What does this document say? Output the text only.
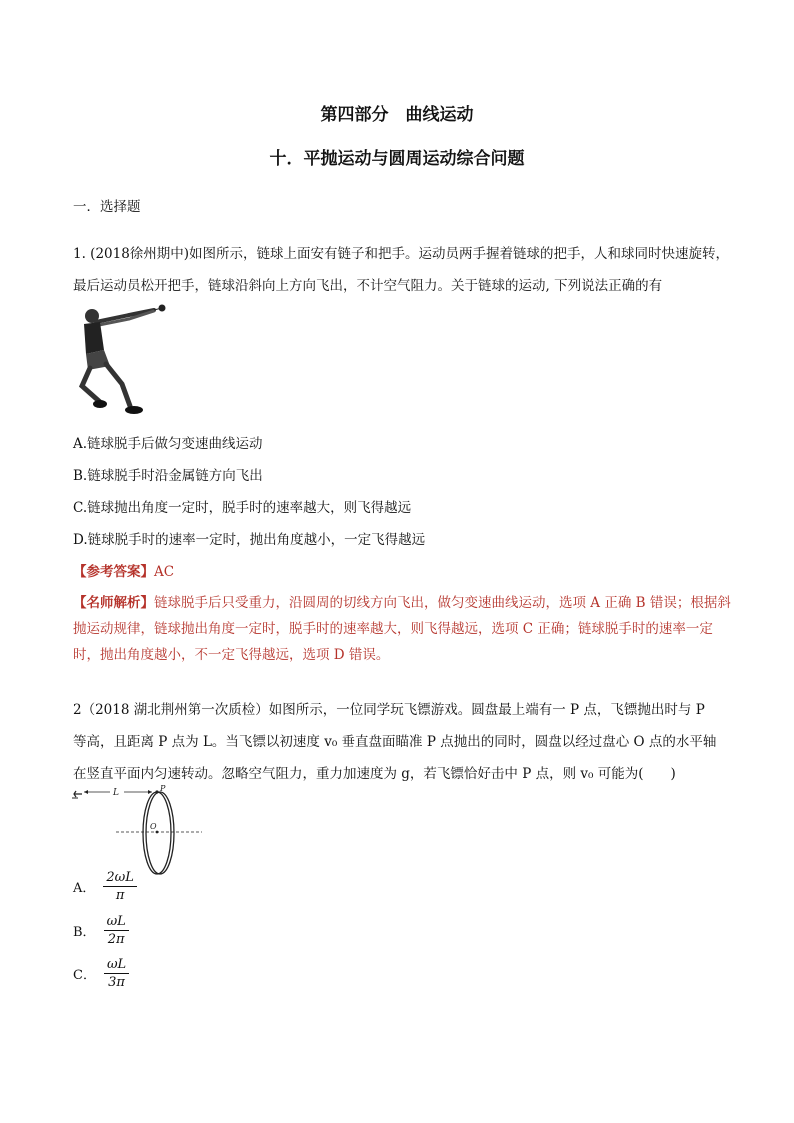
第四部分　曲线运动
十．平抛运动与圆周运动综合问题
一．选择题
1. (2018徐州期中)如图所示，链球上面安有链子和把手。运动员两手握着链球的把手，人和球同时快速旋转，
最后运动员松开把手，链球沿斜向上方向飞出，不计空气阻力。关于链球的运动, 下列说法正确的有
A.链球脱手后做匀变速曲线运动
B.链球脱手时沿金属链方向飞出
C.链球抛出角度一定时，脱手时的速率越大，则飞得越远
D.链球脱手时的速率一定时，抛出角度越小，一定飞得越远
【参考答案】AC
【名师解析】链球脱手后只受重力，沿圆周的切线方向飞出，做匀变速曲线运动，选项 A 正确 B 错误；根据斜抛运动规律，链球抛出角度一定时，脱手时的速率越大，则飞得越远，选项 C 正确；链球脱手时的速率一定时，抛出角度越小，不一定飞得越远，选项 D 错误。
2（2018 湖北荆州第一次质检）如图所示，一位同学玩飞镖游戏。圆盘最上端有一 P 点，飞镖抛出时与 P
等高，且距离 P 点为 L。当飞镖以初速度 v₀ 垂直盘面瞄准 P 点抛出的同时，圆盘以经过盘心 O 点的水平轴
在竖直平面内匀速转动。忽略空气阻力，重力加速度为 g，若飞镖恰好击中 P 点，则 v₀ 可能为(　　)
L
O
P
A． $\frac{2\omega L}{\pi}$
B． $\frac{\omega L}{2\pi}$
C． $\frac{\omega L}{3\pi}$
